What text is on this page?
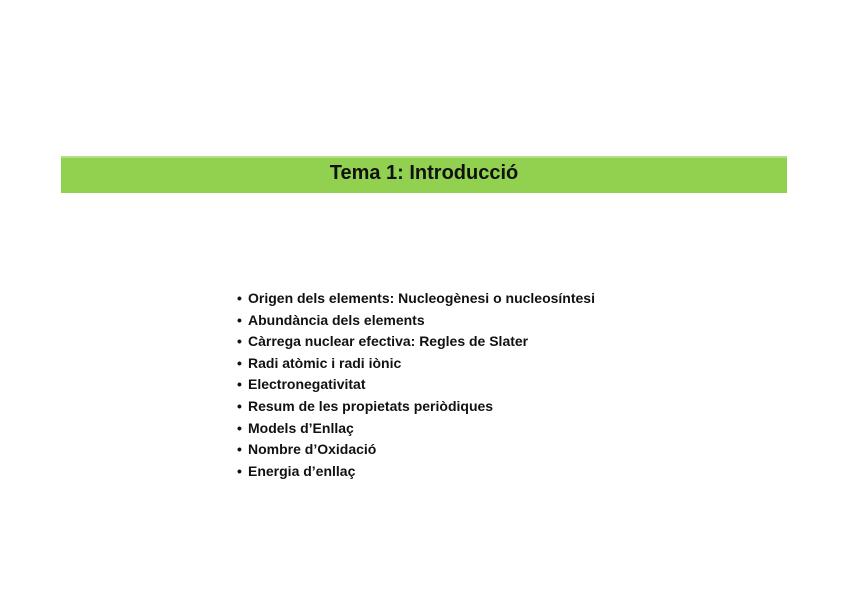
Tema 1: Introducció
• Origen dels elements: Nucleogènesi o nucleosíntesi
• Abundància dels elements
• Càrrega nuclear efectiva: Regles de Slater
• Radi atòmic i radi iònic
• Electronegativitat
• Resum de les propietats periòdiques
• Models d’Enllaç
• Nombre d’Oxidació
• Energia d’enllaç
